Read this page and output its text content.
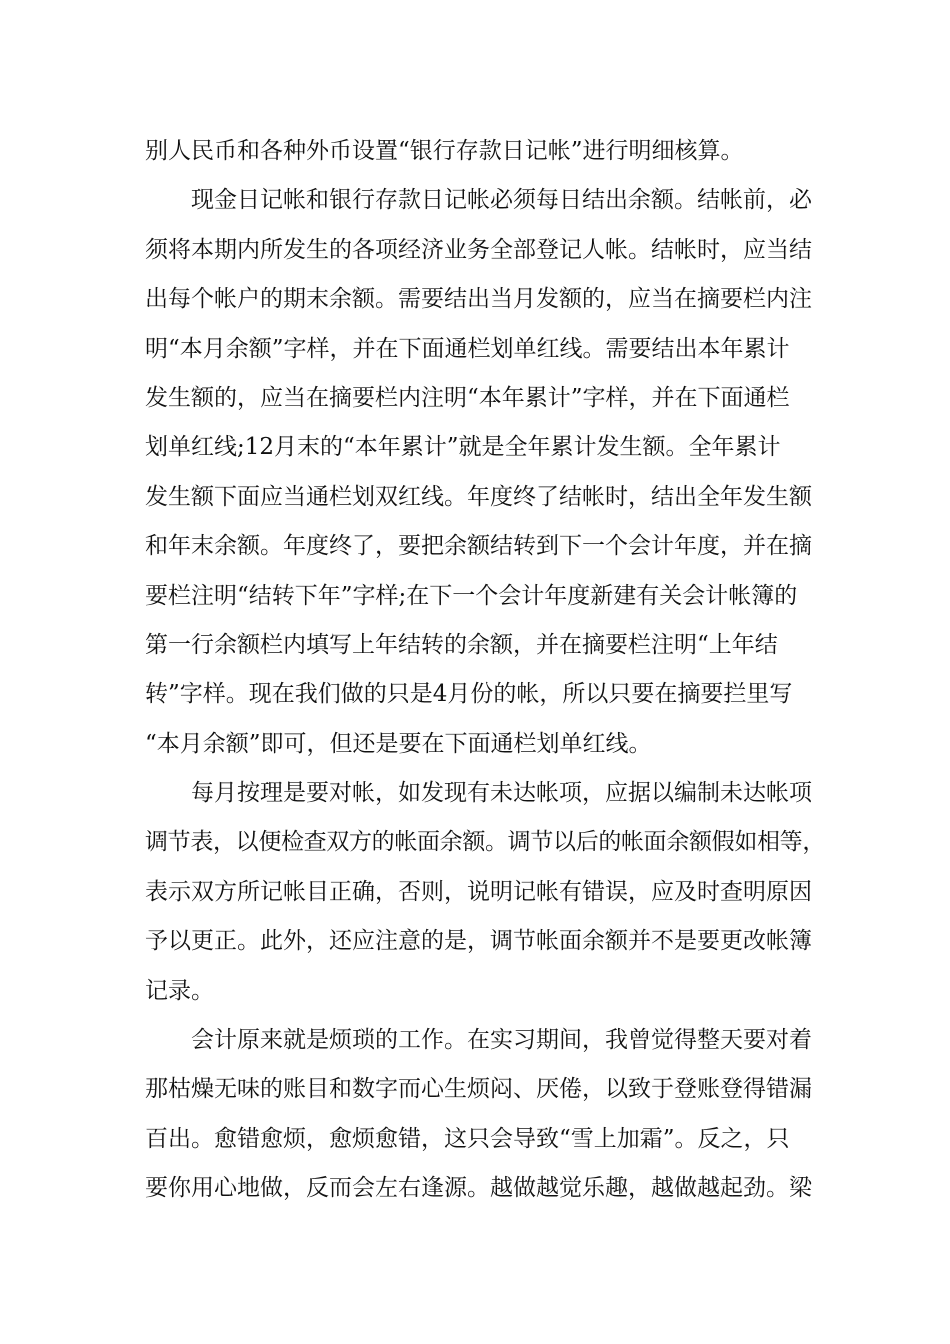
别人民币和各种外币设置“银行存款日记帐”进行明细核算。
现金日记帐和银行存款日记帐必须每日结出余额。结帐前，必
须将本期内所发生的各项经济业务全部登记人帐。结帐时，应当结
出每个帐户的期末余额。需要结出当月发额的，应当在摘要栏内注
明“本月余额”字样，并在下面通栏划单红线。需要结出本年累计
发生额的，应当在摘要栏内注明“本年累计”字样，并在下面通栏
划单红线;12月末的“本年累计”就是全年累计发生额。全年累计
发生额下面应当通栏划双红线。年度终了结帐时，结出全年发生额
和年末余额。年度终了，要把余额结转到下一个会计年度，并在摘
要栏注明“结转下年”字样;在下一个会计年度新建有关会计帐簿的
第一行余额栏内填写上年结转的余额，并在摘要栏注明“上年结
转”字样。现在我们做的只是4月份的帐，所以只要在摘要拦里写
“本月余额”即可，但还是要在下面通栏划单红线。
每月按理是要对帐，如发现有未达帐项，应据以编制未达帐项
调节表，以便检查双方的帐面余额。调节以后的帐面余额假如相等，
表示双方所记帐目正确，否则，说明记帐有错误，应及时查明原因
予以更正。此外，还应注意的是，调节帐面余额并不是要更改帐簿
记录。
会计原来就是烦琐的工作。在实习期间，我曾觉得整天要对着
那枯燥无味的账目和数字而心生烦闷、厌倦，以致于登账登得错漏
百出。愈错愈烦，愈烦愈错，这只会导致“雪上加霜”。反之，只
要你用心地做，反而会左右逢源。越做越觉乐趣，越做越起劲。梁
